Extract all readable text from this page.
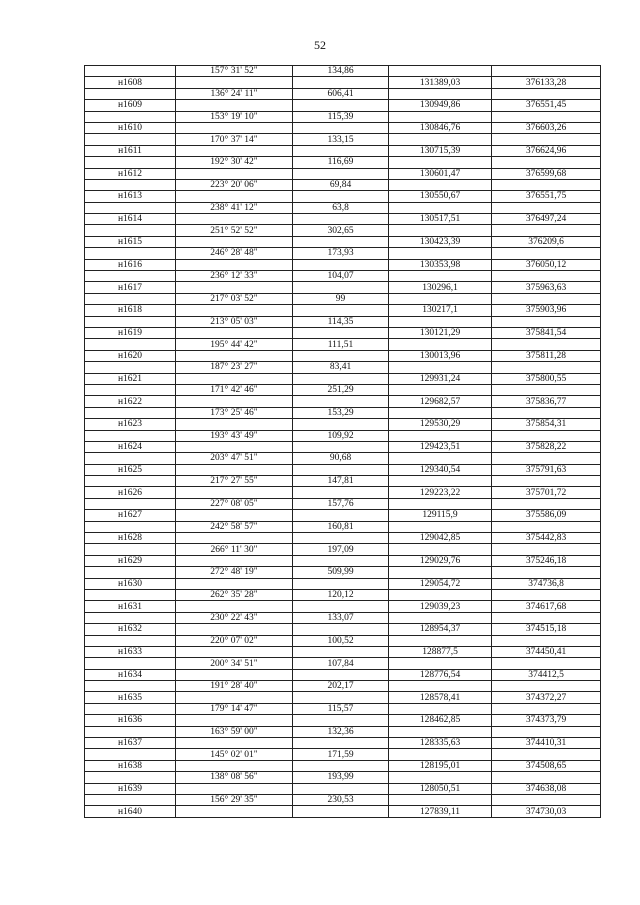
52
	157° 31' 52"	134,86		
н1608			131389,03	376133,28
	136° 24' 11"	606,41		
н1609			130949,86	376551,45
	153° 19' 10"	115,39		
н1610			130846,76	376603,26
	170° 37' 14"	133,15		
н1611			130715,39	376624,96
	192° 30' 42"	116,69		
н1612			130601,47	376599,68
	223° 20' 06"	69,84		
н1613			130550,67	376551,75
	238° 41' 12"	63,8		
н1614			130517,51	376497,24
	251° 52' 52"	302,65		
н1615			130423,39	376209,6
	246° 28' 48"	173,93		
н1616			130353,98	376050,12
	236° 12' 33"	104,07		
н1617			130296,1	375963,63
	217° 03' 52"	99		
н1618			130217,1	375903,96
	213° 05' 03"	114,35		
н1619			130121,29	375841,54
	195° 44' 42"	111,51		
н1620			130013,96	375811,28
	187° 23' 27"	83,41		
н1621			129931,24	375800,55
	171° 42' 46"	251,29		
н1622			129682,57	375836,77
	173° 25' 46"	153,29		
н1623			129530,29	375854,31
	193° 43' 49"	109,92		
н1624			129423,51	375828,22
	203° 47' 51"	90,68		
н1625			129340,54	375791,63
	217° 27' 55"	147,81		
н1626			129223,22	375701,72
	227° 08' 05"	157,76		
н1627			129115,9	375586,09
	242° 58' 57"	160,81		
н1628			129042,85	375442,83
	266° 11' 30"	197,09		
н1629			129029,76	375246,18
	272° 48' 19"	509,99		
н1630			129054,72	374736,8
	262° 35' 28"	120,12		
н1631			129039,23	374617,68
	230° 22' 43"	133,07		
н1632			128954,37	374515,18
	220° 07' 02"	100,52		
н1633			128877,5	374450,41
	200° 34' 51"	107,84		
н1634			128776,54	374412,5
	191° 28' 40"	202,17		
н1635			128578,41	374372,27
	179° 14' 47"	115,57		
н1636			128462,85	374373,79
	163° 59' 00"	132,36		
н1637			128335,63	374410,31
	145° 02' 01"	171,59		
н1638			128195,01	374508,65
	138° 08' 56"	193,99		
н1639			128050,51	374638,08
	156° 29' 35"	230,53		
н1640			127839,11	374730,03
